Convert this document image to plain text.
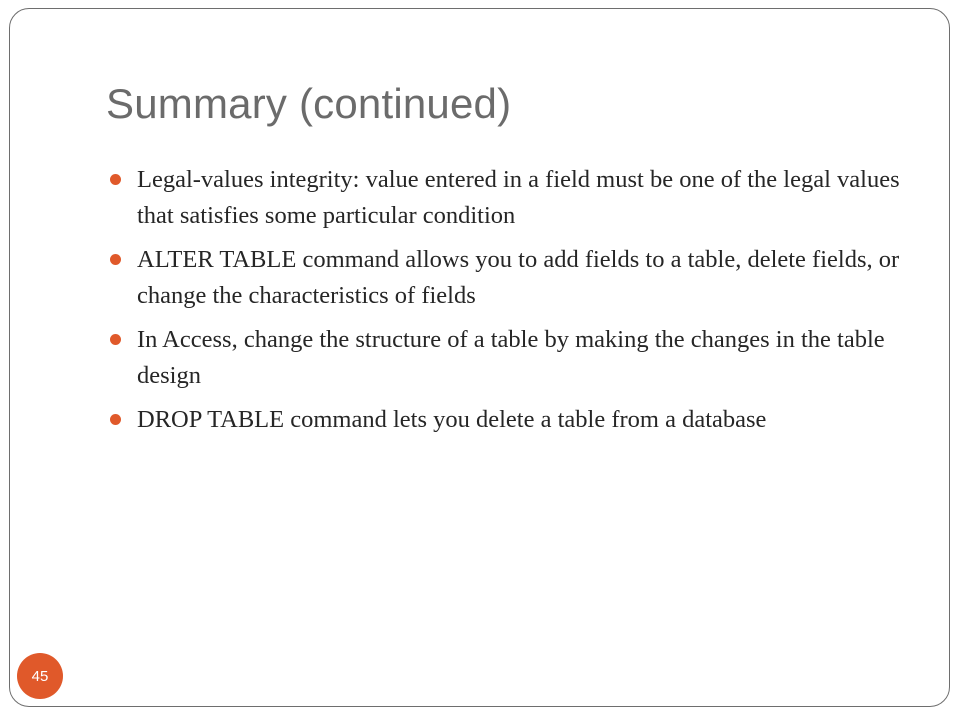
Summary (continued)
Legal-values integrity: value entered in a field must be one of the legal values that satisfies some particular condition
ALTER TABLE command allows you to add fields to a table, delete fields, or change the characteristics of fields
In Access, change the structure of a table by making the changes in the table design
DROP TABLE command lets you delete a table from a database
45
